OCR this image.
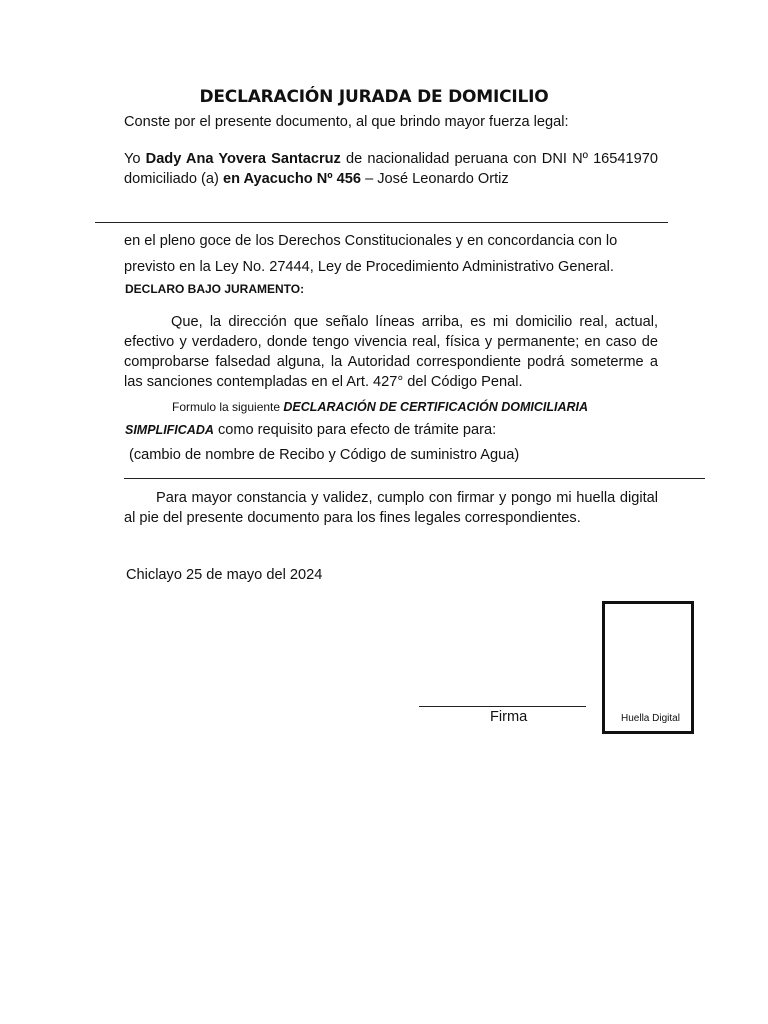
DECLARACIÓN JURADA DE DOMICILIO
Conste por el presente documento, al que brindo mayor fuerza legal:
Yo Dady Ana Yovera Santacruz de nacionalidad peruana con DNI Nº 16541970 domiciliado (a) en Ayacucho Nº 456 – José Leonardo Ortiz
en el pleno goce de los Derechos Constitucionales y en concordancia con lo
previsto en la Ley No. 27444, Ley de Procedimiento Administrativo General.
DECLARO BAJO JURAMENTO:
Que, la dirección que señalo líneas arriba, es mi domicilio real, actual, efectivo y verdadero, donde tengo vivencia real, física y permanente; en caso de comprobarse falsedad alguna, la Autoridad correspondiente podrá someterme a las sanciones contempladas en el Art. 427° del Código Penal.
Formulo la siguiente DECLARACIÓN DE CERTIFICACIÓN DOMICILIARIA
SIMPLIFICADA como requisito para efecto de trámite para:
(cambio de nombre de Recibo y Código de suministro Agua)
Para mayor constancia y validez, cumplo con firmar y pongo mi huella digital al pie del presente documento para los fines legales correspondientes.
Chiclayo 25 de mayo del 2024
Firma	Huella Digital
